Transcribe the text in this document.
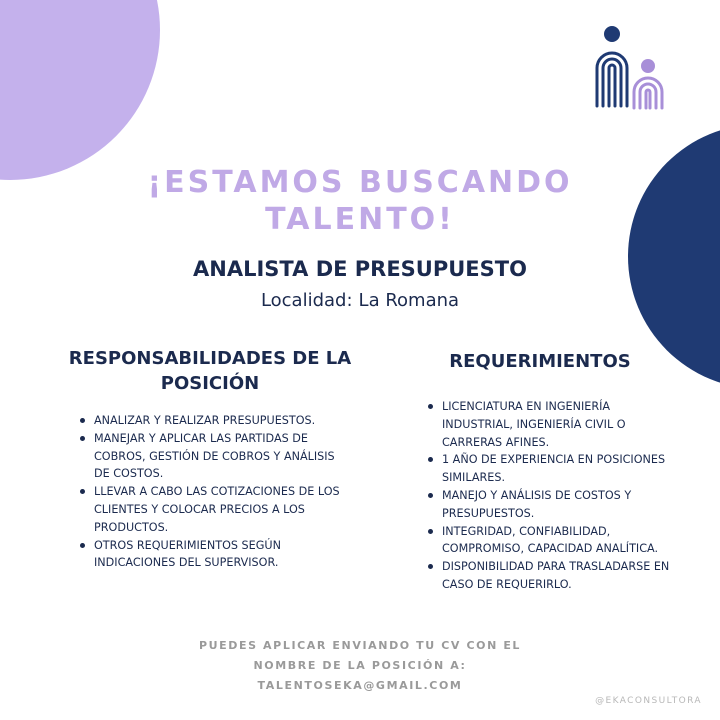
¡ESTAMOS BUSCANDO
TALENTO!
ANALISTA DE PRESUPUESTO

Localidad: La Romana

RESPONSABILIDADES DE LA
POSICIÓN
ANALIZAR Y REALIZAR PRESUPUESTOS.
MANEJAR Y APLICAR LAS PARTIDAS DE COBROS, GESTIÓN DE COBROS Y ANÁLISIS DE COSTOS.
LLEVAR A CABO LAS COTIZACIONES DE LOS CLIENTES Y COLOCAR PRECIOS A LOS PRODUCTOS.
OTROS REQUERIMIENTOS SEGÚN INDICACIONES DEL SUPERVISOR.
REQUERIMIENTOS
LICENCIATURA EN INGENIERÍA INDUSTRIAL, INGENIERÍA CIVIL O CARRERAS AFINES.
1 AÑO DE EXPERIENCIA EN POSICIONES SIMILARES.
MANEJO Y ANÁLISIS DE COSTOS Y PRESUPUESTOS.
INTEGRIDAD, CONFIABILIDAD, COMPROMISO, CAPACIDAD ANALÍTICA.
DISPONIBILIDAD PARA TRASLADARSE EN CASO DE REQUERIRLO.

PUEDES APLICAR ENVIANDO TU CV CON EL
NOMBRE DE LA POSICIÓN A:
TALENTOSEKA@GMAIL.COM

@EKACONSULTORA
